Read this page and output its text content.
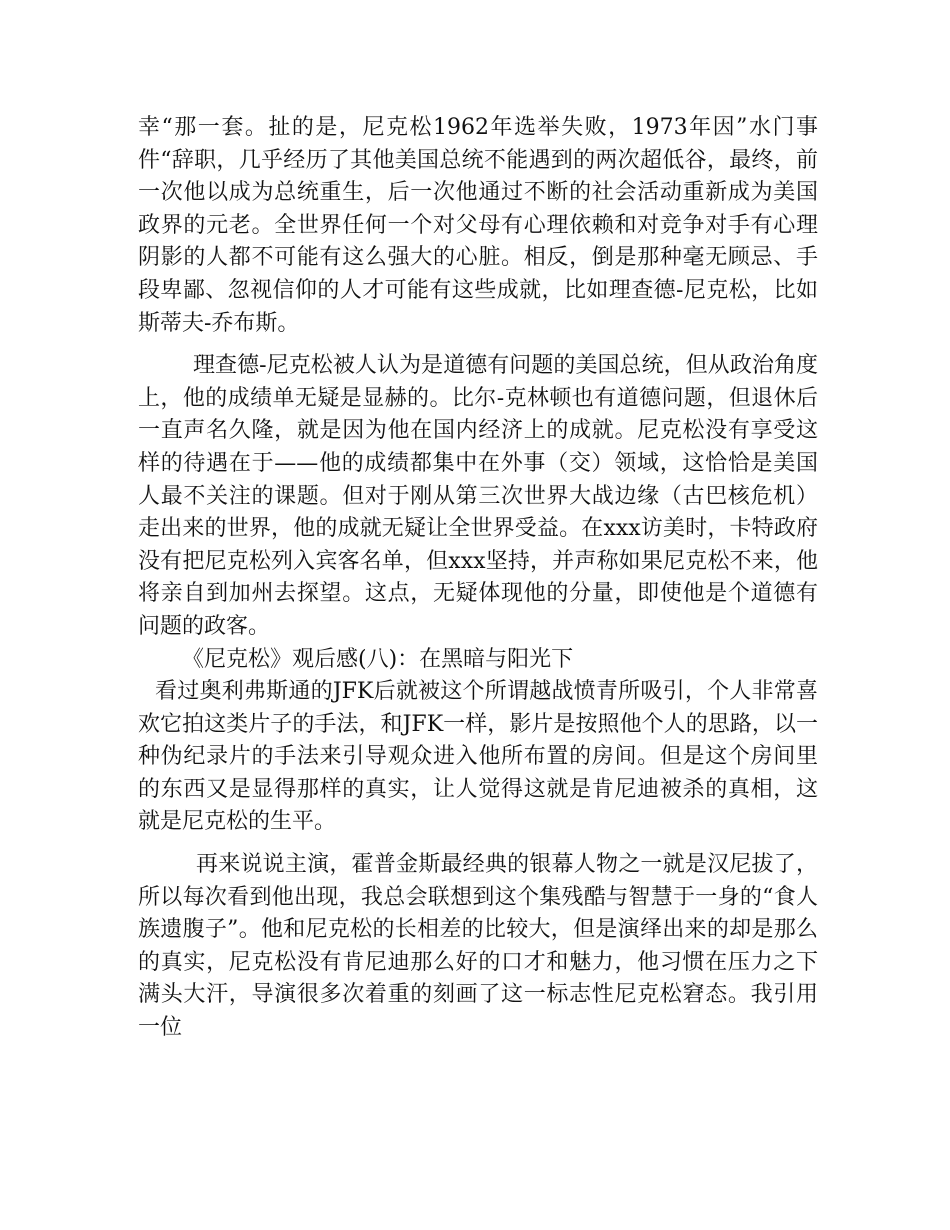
幸“那一套。扯的是，尼克松1962年选举失败，1973年因”水门事件“辞职，几乎经历了其他美国总统不能遇到的两次超低谷，最终，前一次他以成为总统重生，后一次他通过不断的社会活动重新成为美国政界的元老。全世界任何一个对父母有心理依赖和对竞争对手有心理阴影的人都不可能有这么强大的心脏。相反，倒是那种毫无顾忌、手段卑鄙、忽视信仰的人才可能有这些成就，比如理查德-尼克松，比如斯蒂夫-乔布斯。

理查德-尼克松被人认为是道德有问题的美国总统，但从政治角度上，他的成绩单无疑是显赫的。比尔-克林顿也有道德问题，但退休后一直声名久隆，就是因为他在国内经济上的成就。尼克松没有享受这样的待遇在于——他的成绩都集中在外事（交）领域，这恰恰是美国人最不关注的课题。但对于刚从第三次世界大战边缘（古巴核危机）走出来的世界，他的成就无疑让全世界受益。在xxx访美时，卡特政府没有把尼克松列入宾客名单，但xxx坚持，并声称如果尼克松不来，他将亲自到加州去探望。这点，无疑体现他的分量，即使他是个道德有问题的政客。

《尼克松》观后感(八)：在黑暗与阳光下

看过奥利弗斯通的JFK后就被这个所谓越战愤青所吸引，个人非常喜欢它拍这类片子的手法，和JFK一样，影片是按照他个人的思路，以一种伪纪录片的手法来引导观众进入他所布置的房间。但是这个房间里的东西又是显得那样的真实，让人觉得这就是肯尼迪被杀的真相，这就是尼克松的生平。

再来说说主演，霍普金斯最经典的银幕人物之一就是汉尼拔了，所以每次看到他出现，我总会联想到这个集残酷与智慧于一身的“食人族遗腹子”。他和尼克松的长相差的比较大，但是演绎出来的却是那么的真实，尼克松没有肯尼迪那么好的口才和魅力，他习惯在压力之下满头大汗，导演很多次着重的刻画了这一标志性尼克松窘态。我引用一位
